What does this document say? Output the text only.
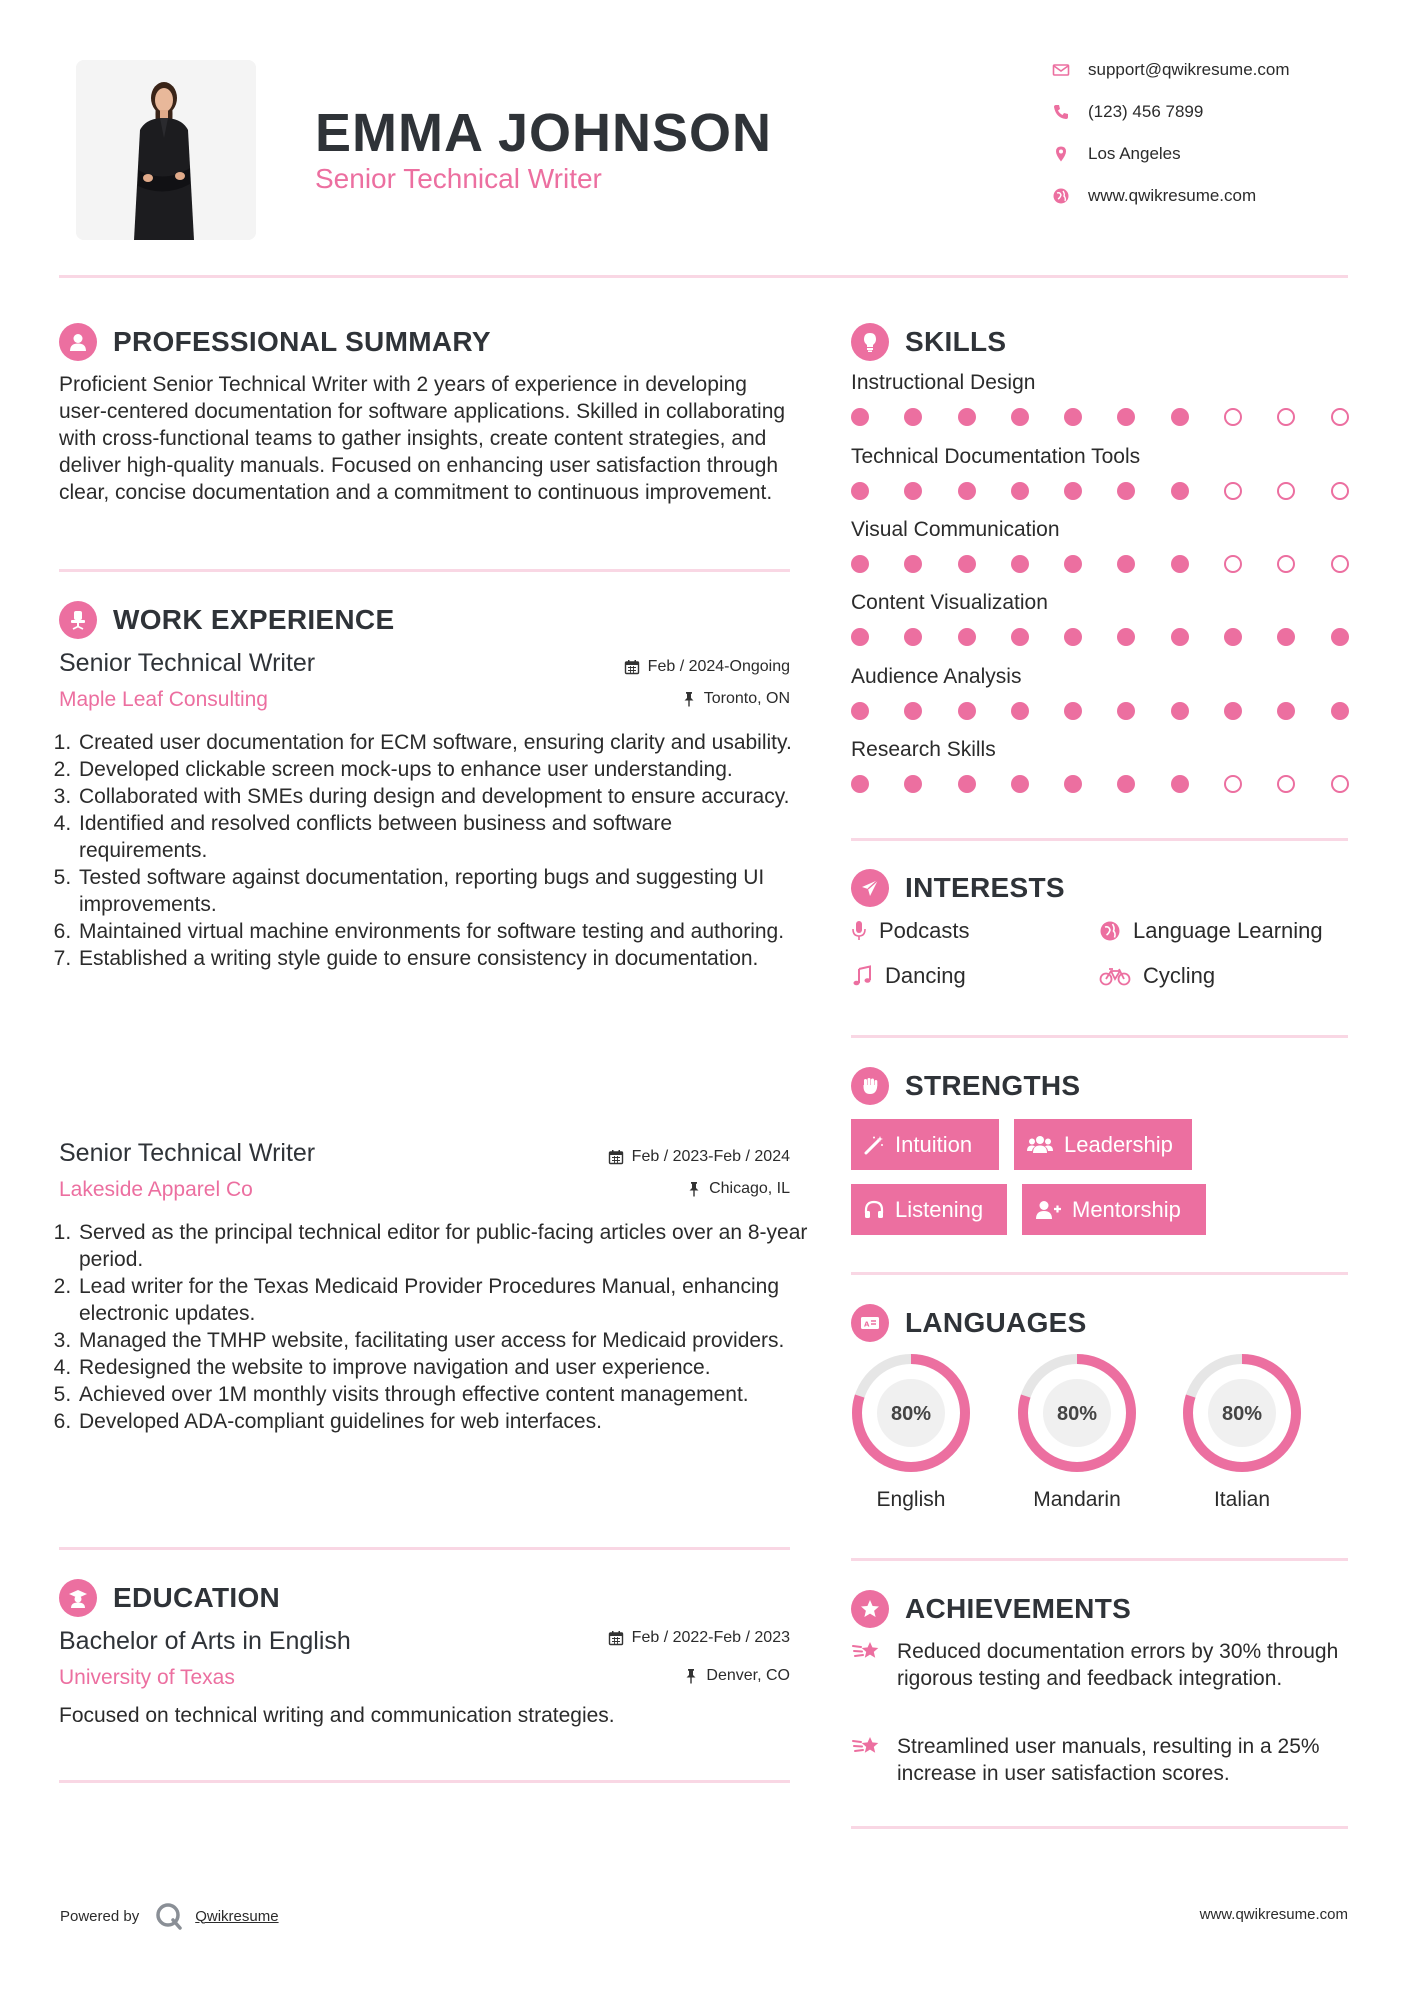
EMMA JOHNSON
Senior Technical Writer
support@qwikresume.com
(123) 456 7899
Los Angeles
www.qwikresume.com
PROFESSIONAL SUMMARY
Proficient Senior Technical Writer with 2 years of experience in developing user-centered documentation for software applications. Skilled in collaborating with cross-functional teams to gather insights, create content strategies, and deliver high-quality manuals. Focused on enhancing user satisfaction through clear, concise documentation and a commitment to continuous improvement.
WORK EXPERIENCE
Senior Technical Writer
Maple Leaf Consulting
Feb / 2024-Ongoing
Toronto, ON
1. Created user documentation for ECM software, ensuring clarity and usability.
2. Developed clickable screen mock-ups to enhance user understanding.
3. Collaborated with SMEs during design and development to ensure accuracy.
4. Identified and resolved conflicts between business and software requirements.
5. Tested software against documentation, reporting bugs and suggesting UI improvements.
6. Maintained virtual machine environments for software testing and authoring.
7. Established a writing style guide to ensure consistency in documentation.
Senior Technical Writer
Lakeside Apparel Co
Feb / 2023-Feb / 2024
Chicago, IL
1. Served as the principal technical editor for public-facing articles over an 8-year period.
2. Lead writer for the Texas Medicaid Provider Procedures Manual, enhancing electronic updates.
3. Managed the TMHP website, facilitating user access for Medicaid providers.
4. Redesigned the website to improve navigation and user experience.
5. Achieved over 1M monthly visits through effective content management.
6. Developed ADA-compliant guidelines for web interfaces.
EDUCATION
Bachelor of Arts in English
University of Texas
Feb / 2022-Feb / 2023
Denver, CO
Focused on technical writing and communication strategies.
SKILLS
Instructional Design
Technical Documentation Tools
Visual Communication
Content Visualization
Audience Analysis
Research Skills
INTERESTS
Podcasts	Language Learning
Dancing	Cycling
STRENGTHS
Intuition	Leadership
Listening	Mentorship
A LANGUAGES
80%
English
80%
Mandarin
80%
Italian
ACHIEVEMENTS
Reduced documentation errors by 30% through rigorous testing and feedback integration.
Streamlined user manuals, resulting in a 25% increase in user satisfaction scores.
Powered by	Qwikresume	www.qwikresume.com
